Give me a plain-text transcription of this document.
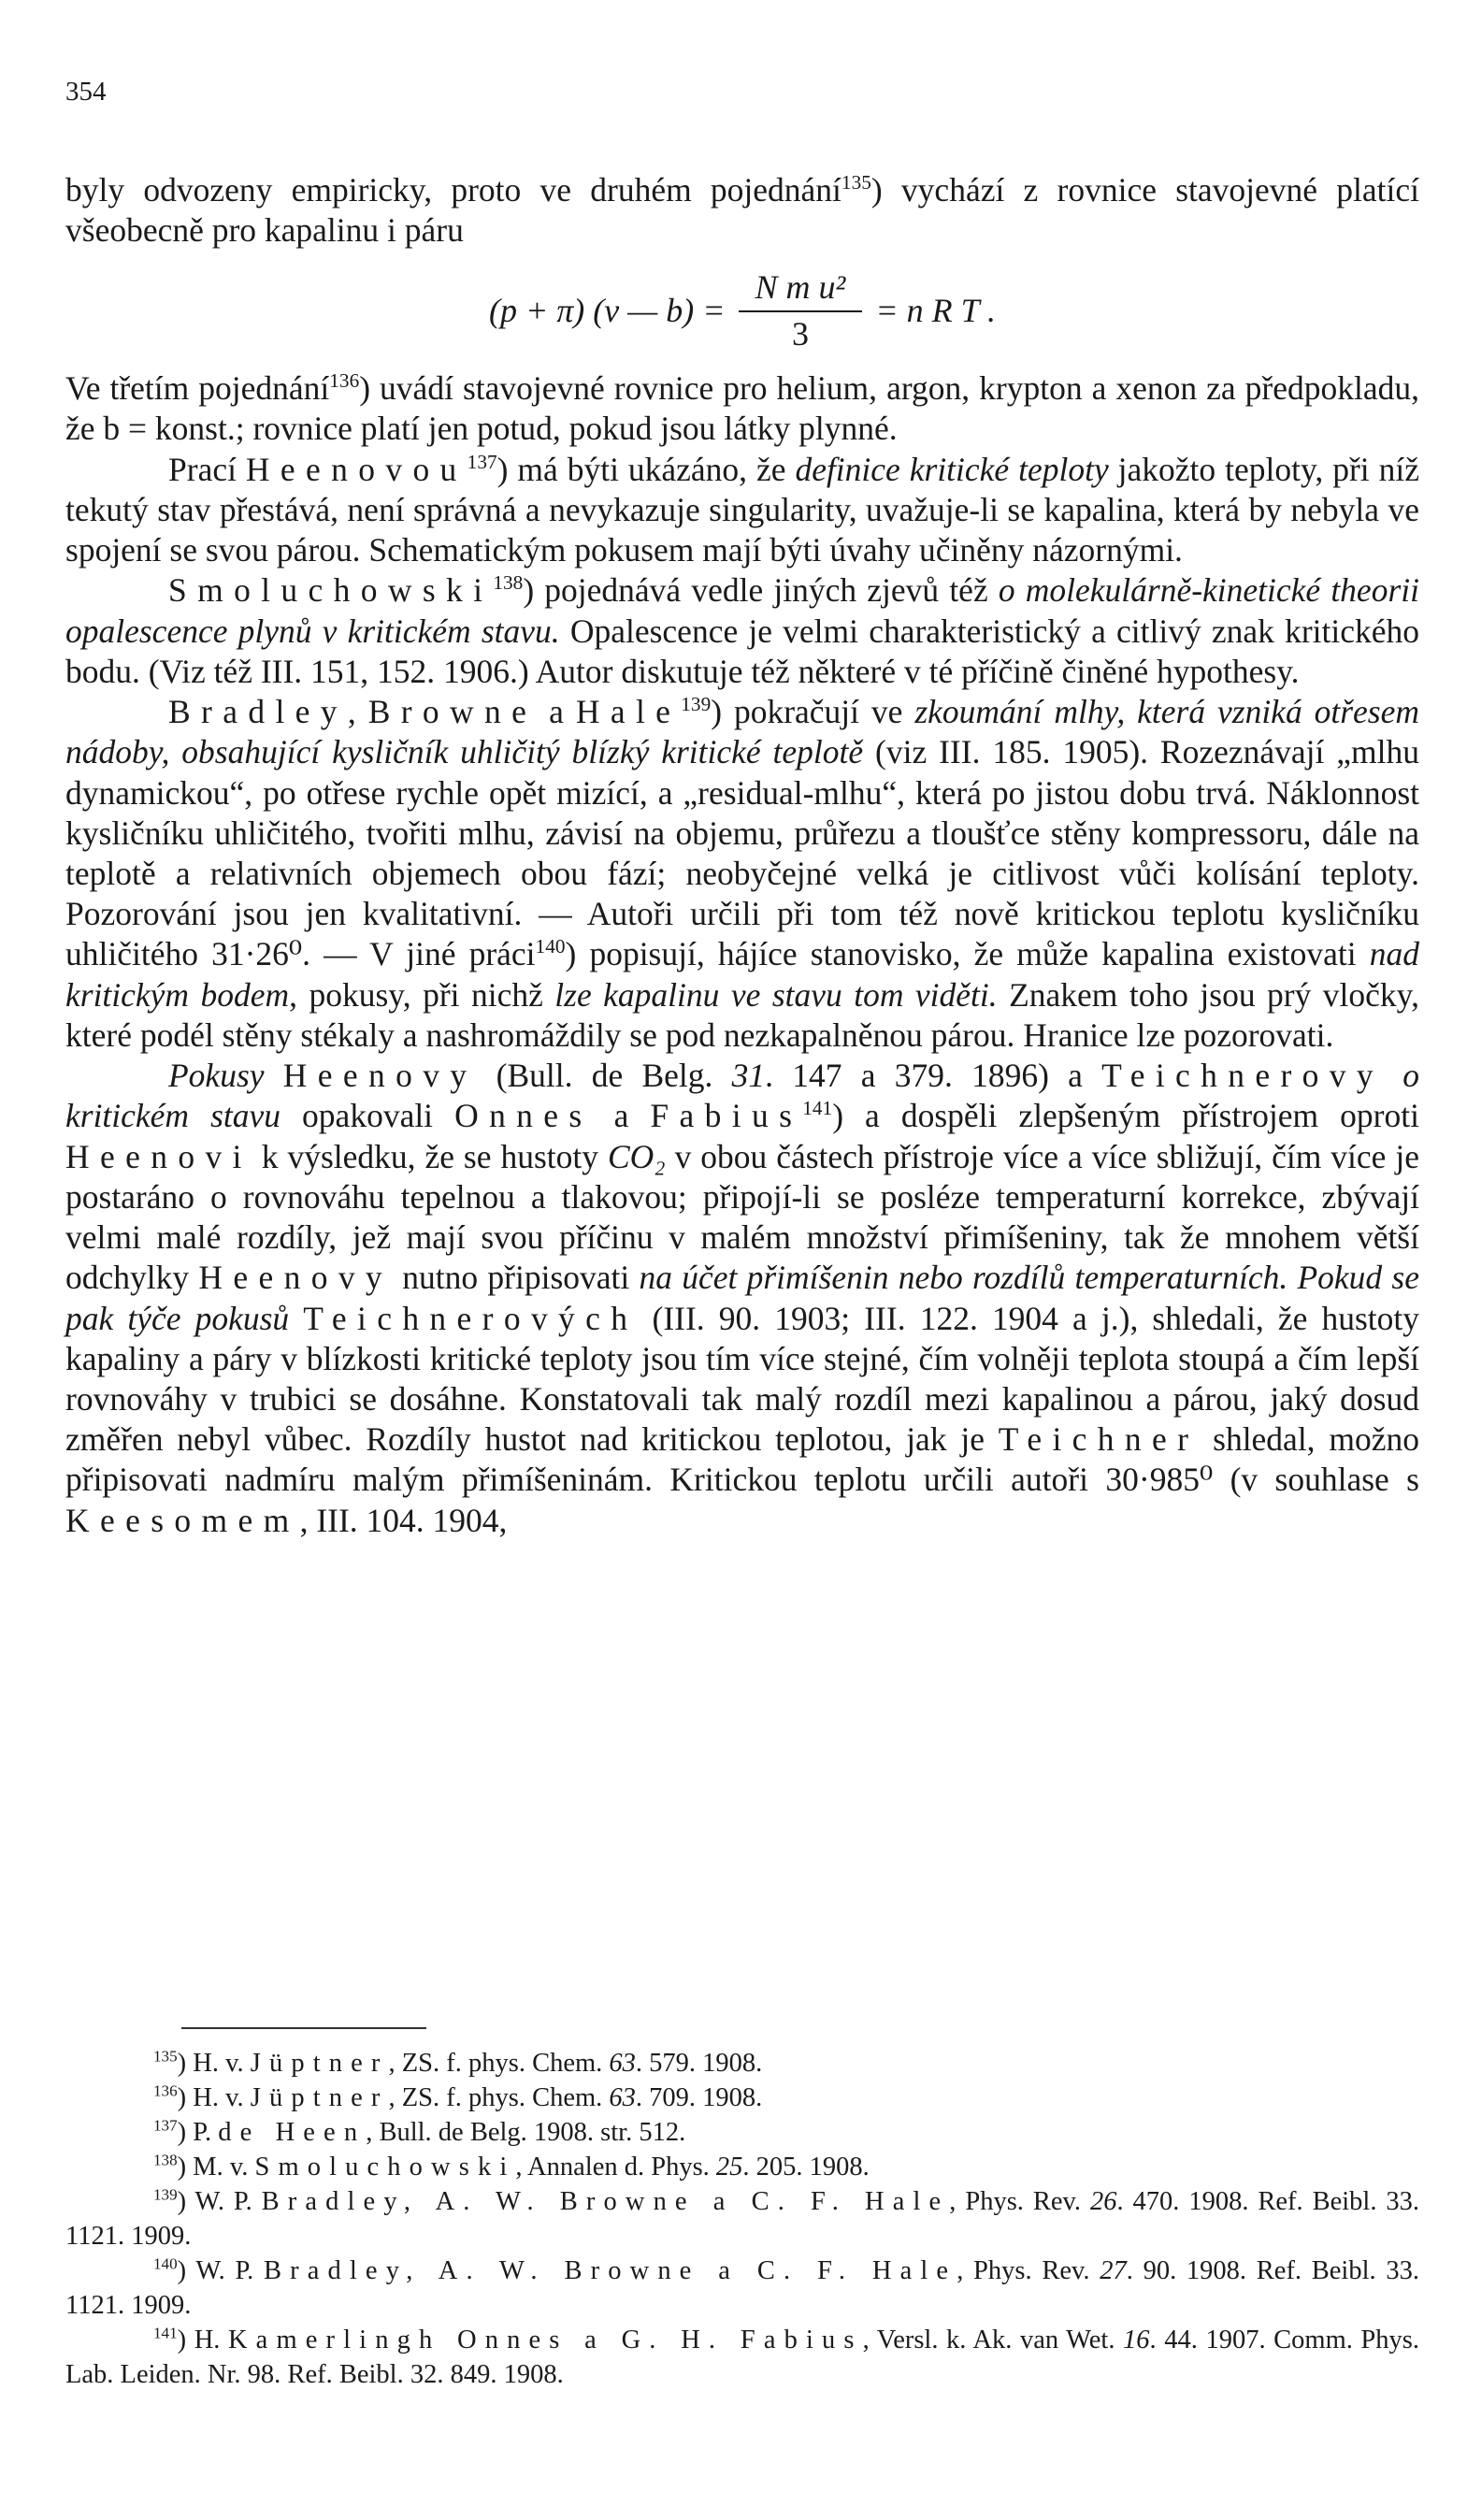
354

byly odvozeny empiricky, proto ve druhém pojednání$^{135}$) vychází z rovnice stavojevné platící všeobecně pro kapalinu i páru

(p + π) (v — $b) = \frac{\text{N m u²}}{3} = n$ R T .

Ve třetím pojednání$^{136}$) uvádí stavojevné rovnice pro helium, argon, krypton a xenon za předpokladu, že b = konst.; rovnice platí jen potud, pokud jsou látky plynné.

Prací Heenovou$^{137}$) má býti ukázáno, že definice kritické teploty jakožto teploty, při níž tekutý stav přestává, není správná a nevykazuje singularity, uvažuje-li se kapalina, která by nebyla ve spojení se svou párou. Schematickým pokusem mají býti úvahy učiněny názornými.

Smoluchowski$^{138}$) pojednává vedle jiných zjevů též o molekulárně-kinetické theorii opalescence plynů v kritickém stavu. Opalescence je velmi charakteristický a citlivý znak kritického bodu. (Viz též III. 151, 152. 1906.) Autor diskutuje též některé v té příčině činěné hypothesy.

Bradley, Browne a Hale$^{139}$) pokračují ve zkoumání mlhy, která vzniká otřesem nádoby, obsahující kysličník uhličitý blízký kritické teplotě (viz III. 185. 1905). Rozeznávají „mlhu dynamickou“, po otřese rychle opět mizící, a „residual-mlhu“, která po jistou dobu trvá. Náklonnost kysličníku uhličitého, tvořiti mlhu, závisí na objemu, průřezu a tloušťce stěny kompressoru, dále na teplotě a relativních objemech obou fází; neobyčejné velká je citlivost vůči kolísání teploty. Pozorování jsou jen kvalitativní. — Autoři určili při tom též nově kritickou teplotu kysličníku uhličitého 31·26⁰. — V jiné práci$^{140}$) popisují, hájíce stanovisko, že může kapalina existovati nad kritickým bodem, pokusy, při nichž lze kapalinu ve stavu tom viděti. Znakem toho jsou prý vločky, které podél stěny stékaly a nashromáždily se pod nezkapalněnou párou. Hranice lze pozorovati.

Pokusy Heenovy (Bull. de Belg. 31. 147 a 379. 1896) a Teichnerovy o kritickém stavu opakovali Onnes a Fabius$^{141}$) a dospěli zlepšeným přístrojem oproti Heenovi k výsledku, že se hustoty CO₂ v obou částech přístroje více a více sbližují, čím více je postaráno o rovnováhu tepelnou a tlakovou; připojí-li se posléze temperaturní korrekce, zbývají velmi malé rozdíly, jež mají svou příčinu v malém množství přimíšeniny, tak že mnohem větší odchylky Heenovy nutno připisovati na účet přimíšenin nebo rozdílů temperaturních. Pokud se pak týče pokusů Teichnerových (III. 90. 1903; III. 122. 1904 a j.), shledali, že hustoty kapaliny a páry v blízkosti kritické teploty jsou tím více stejné, čím volněji teplota stoupá a čím lepší rovnováhy v trubici se dosáhne. Konstatovali tak malý rozdíl mezi kapalinou a párou, jaký dosud změřen nebyl vůbec. Rozdíly hustot nad kritickou teplotou, jak je Teichner shledal, možno připisovati nadmíru malým přimíšeninám. Kritickou teplotu určili autoři 30·985⁰ (v souhlase s Keesomem, III. 104. 1904,

$^{135}$) H. v. Jüptner, ZS. f. phys. Chem. 63. 579. 1908.

$^{136}$) H. v. Jüptner, ZS. f. phys. Chem. 63. 709. 1908.

$^{137}$) P. de Heen, Bull. de Belg. 1908. str. 512.

$^{138}$) M. v. Smoluchowski, Annalen d. Phys. 25. 205. 1908.

$^{139}$) W. P. Bradley, A. W. Browne a C. F. Hale, Phys. Rev. 26. 470. 1908. Ref. Beibl. 33. 1121. 1909.

$^{140}$) W. P. Bradley, A. W. Browne a C. F. Hale, Phys. Rev. 27. 90. 1908. Ref. Beibl. 33. 1121. 1909.

$^{141}$) H. Kamerlingh Onnes a G. H. Fabius, Versl. k. Ak. van Wet. 16. 44. 1907. Comm. Phys. Lab. Leiden. Nr. 98. Ref. Beibl. 32. 849. 1908.
